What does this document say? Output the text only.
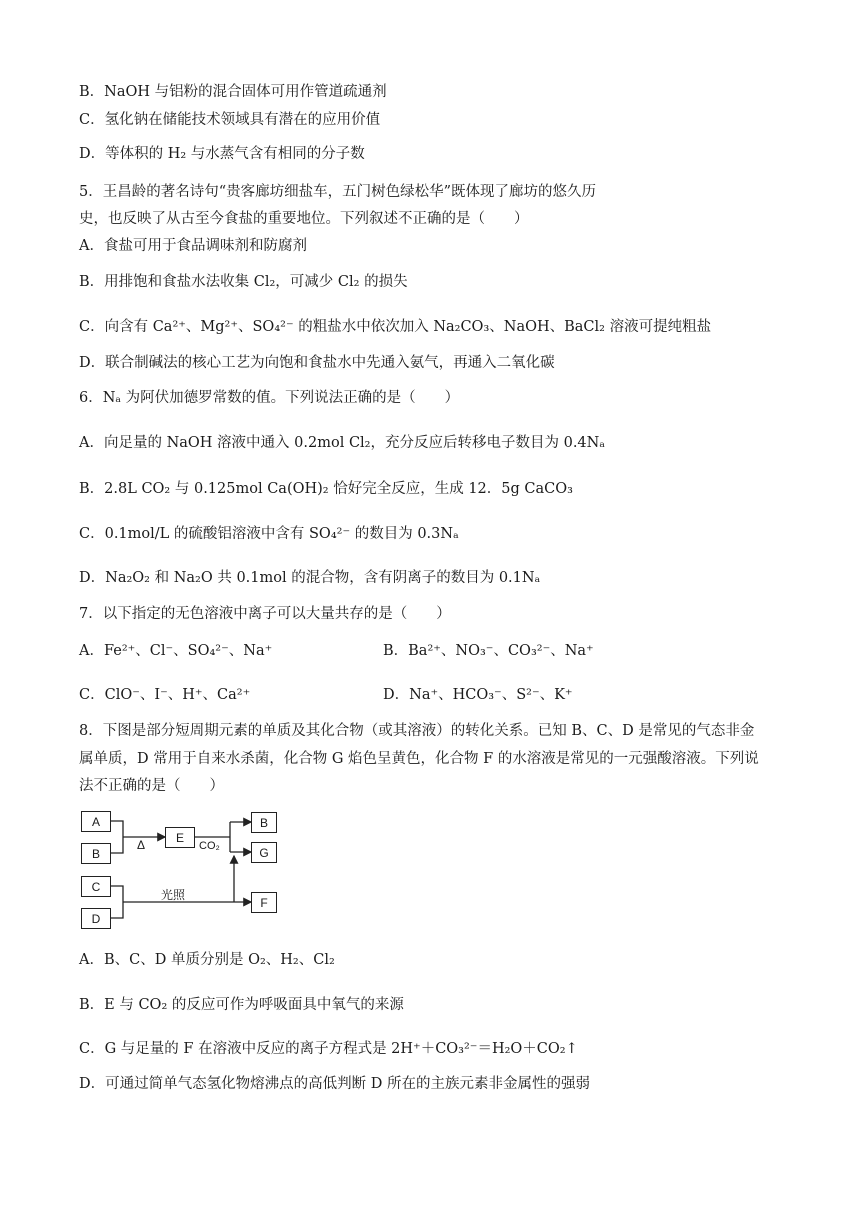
B．NaOH 与铝粉的混合固体可用作管道疏通剂
C．氢化钠在储能技术领域具有潜在的应用价值
D．等体积的 H₂ 与水蒸气含有相同的分子数
5．王昌龄的著名诗句“贵客廊坊细盐车，五门树色绿松华”既体现了廊坊的悠久历
史，也反映了从古至今食盐的重要地位。下列叙述不正确的是（　　）
A．食盐可用于食品调味剂和防腐剂
B．用排饱和食盐水法收集 Cl₂，可减少 Cl₂ 的损失
C．向含有 Ca²⁺、Mg²⁺、SO₄²⁻ 的粗盐水中依次加入 Na₂CO₃、NaOH、BaCl₂ 溶液可提纯粗盐
D．联合制碱法的核心工艺为向饱和食盐水中先通入氨气，再通入二氧化碳
6．Nₐ 为阿伏加德罗常数的值。下列说法正确的是（　　）
A．向足量的 NaOH 溶液中通入 0.2mol Cl₂，充分反应后转移电子数目为 0.4Nₐ
B．2.8L CO₂ 与 0.125mol Ca(OH)₂ 恰好完全反应，生成 12．5g CaCO₃
C．0.1mol/L 的硫酸铝溶液中含有 SO₄²⁻ 的数目为 0.3Nₐ
D．Na₂O₂ 和 Na₂O 共 0.1mol 的混合物，含有阴离子的数目为 0.1Nₐ
7．以下指定的无色溶液中离子可以大量共存的是（　　）
A．Fe²⁺、Cl⁻、SO₄²⁻、Na⁺	B．Ba²⁺、NO₃⁻、CO₃²⁻、Na⁺
C．ClO⁻、I⁻、H⁺、Ca²⁺	D．Na⁺、HCO₃⁻、S²⁻、K⁺
8．下图是部分短周期元素的单质及其化合物（或其溶液）的转化关系。已知 B、C、D 是常见的气态非金
属单质，D 常用于自来水杀菌，化合物 G 焰色呈黄色，化合物 F 的水溶液是常见的一元强酸溶液。下列说
法不正确的是（　　）
A
B
E
B
G
C
D
F
Δ	CO₂
光照
A．B、C、D 单质分别是 O₂、H₂、Cl₂
B．E 与 CO₂ 的反应可作为呼吸面具中氧气的来源
C．G 与足量的 F 在溶液中反应的离子方程式是 2H⁺＋CO₃²⁻＝H₂O＋CO₂↑
D．可通过简单气态氢化物熔沸点的高低判断 D 所在的主族元素非金属性的强弱
